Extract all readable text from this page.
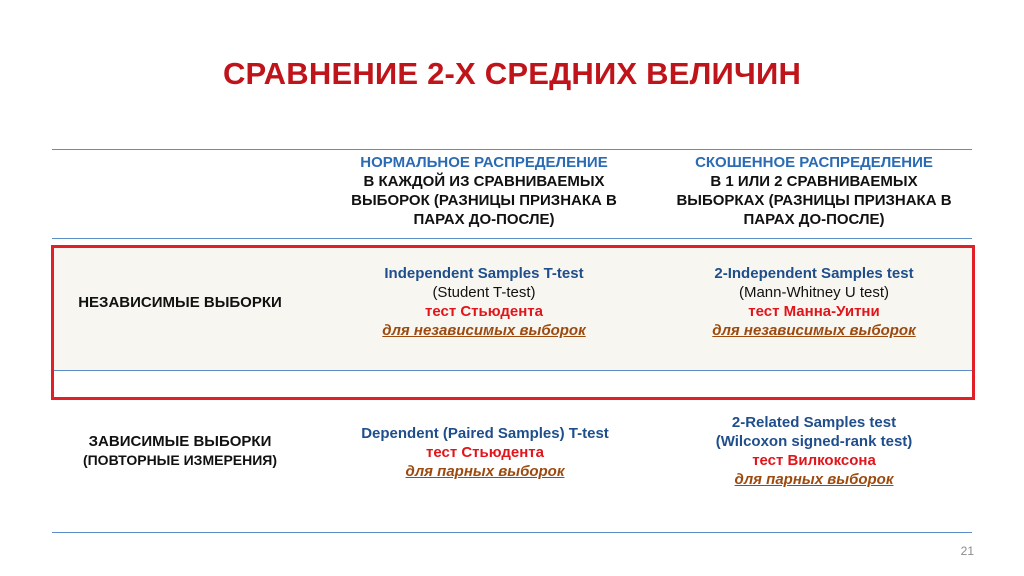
СРАВНЕНИЕ 2-Х СРЕДНИХ ВЕЛИЧИН
НОРМАЛЬНОЕ РАСПРЕДЕЛЕНИЕ
В КАЖДОЙ ИЗ СРАВНИВАЕМЫХ
ВЫБОРОК (РАЗНИЦЫ ПРИЗНАКА В
ПАРАХ ДО-ПОСЛЕ)
СКОШЕННОЕ РАСПРЕДЕЛЕНИЕ
В 1 ИЛИ 2 СРАВНИВАЕМЫХ
ВЫБОРКАХ (РАЗНИЦЫ ПРИЗНАКА В
ПАРАХ ДО-ПОСЛЕ)
НЕЗАВИСИМЫЕ ВЫБОРКИ
Independent Samples T-test
(Student T-test)
тест Стьюдента
для независимых выборок
2-Independent Samples test
(Mann-Whitney U test)
тест Манна-Уитни
для независимых выборок
ЗАВИСИМЫЕ ВЫБОРКИ
(ПОВТОРНЫЕ ИЗМЕРЕНИЯ)
Dependent (Paired Samples) T-test
тест Стьюдента
для парных выборок
2-Related Samples test
(Wilcoxon signed-rank test)
тест Вилкоксона
для парных выборок
21
